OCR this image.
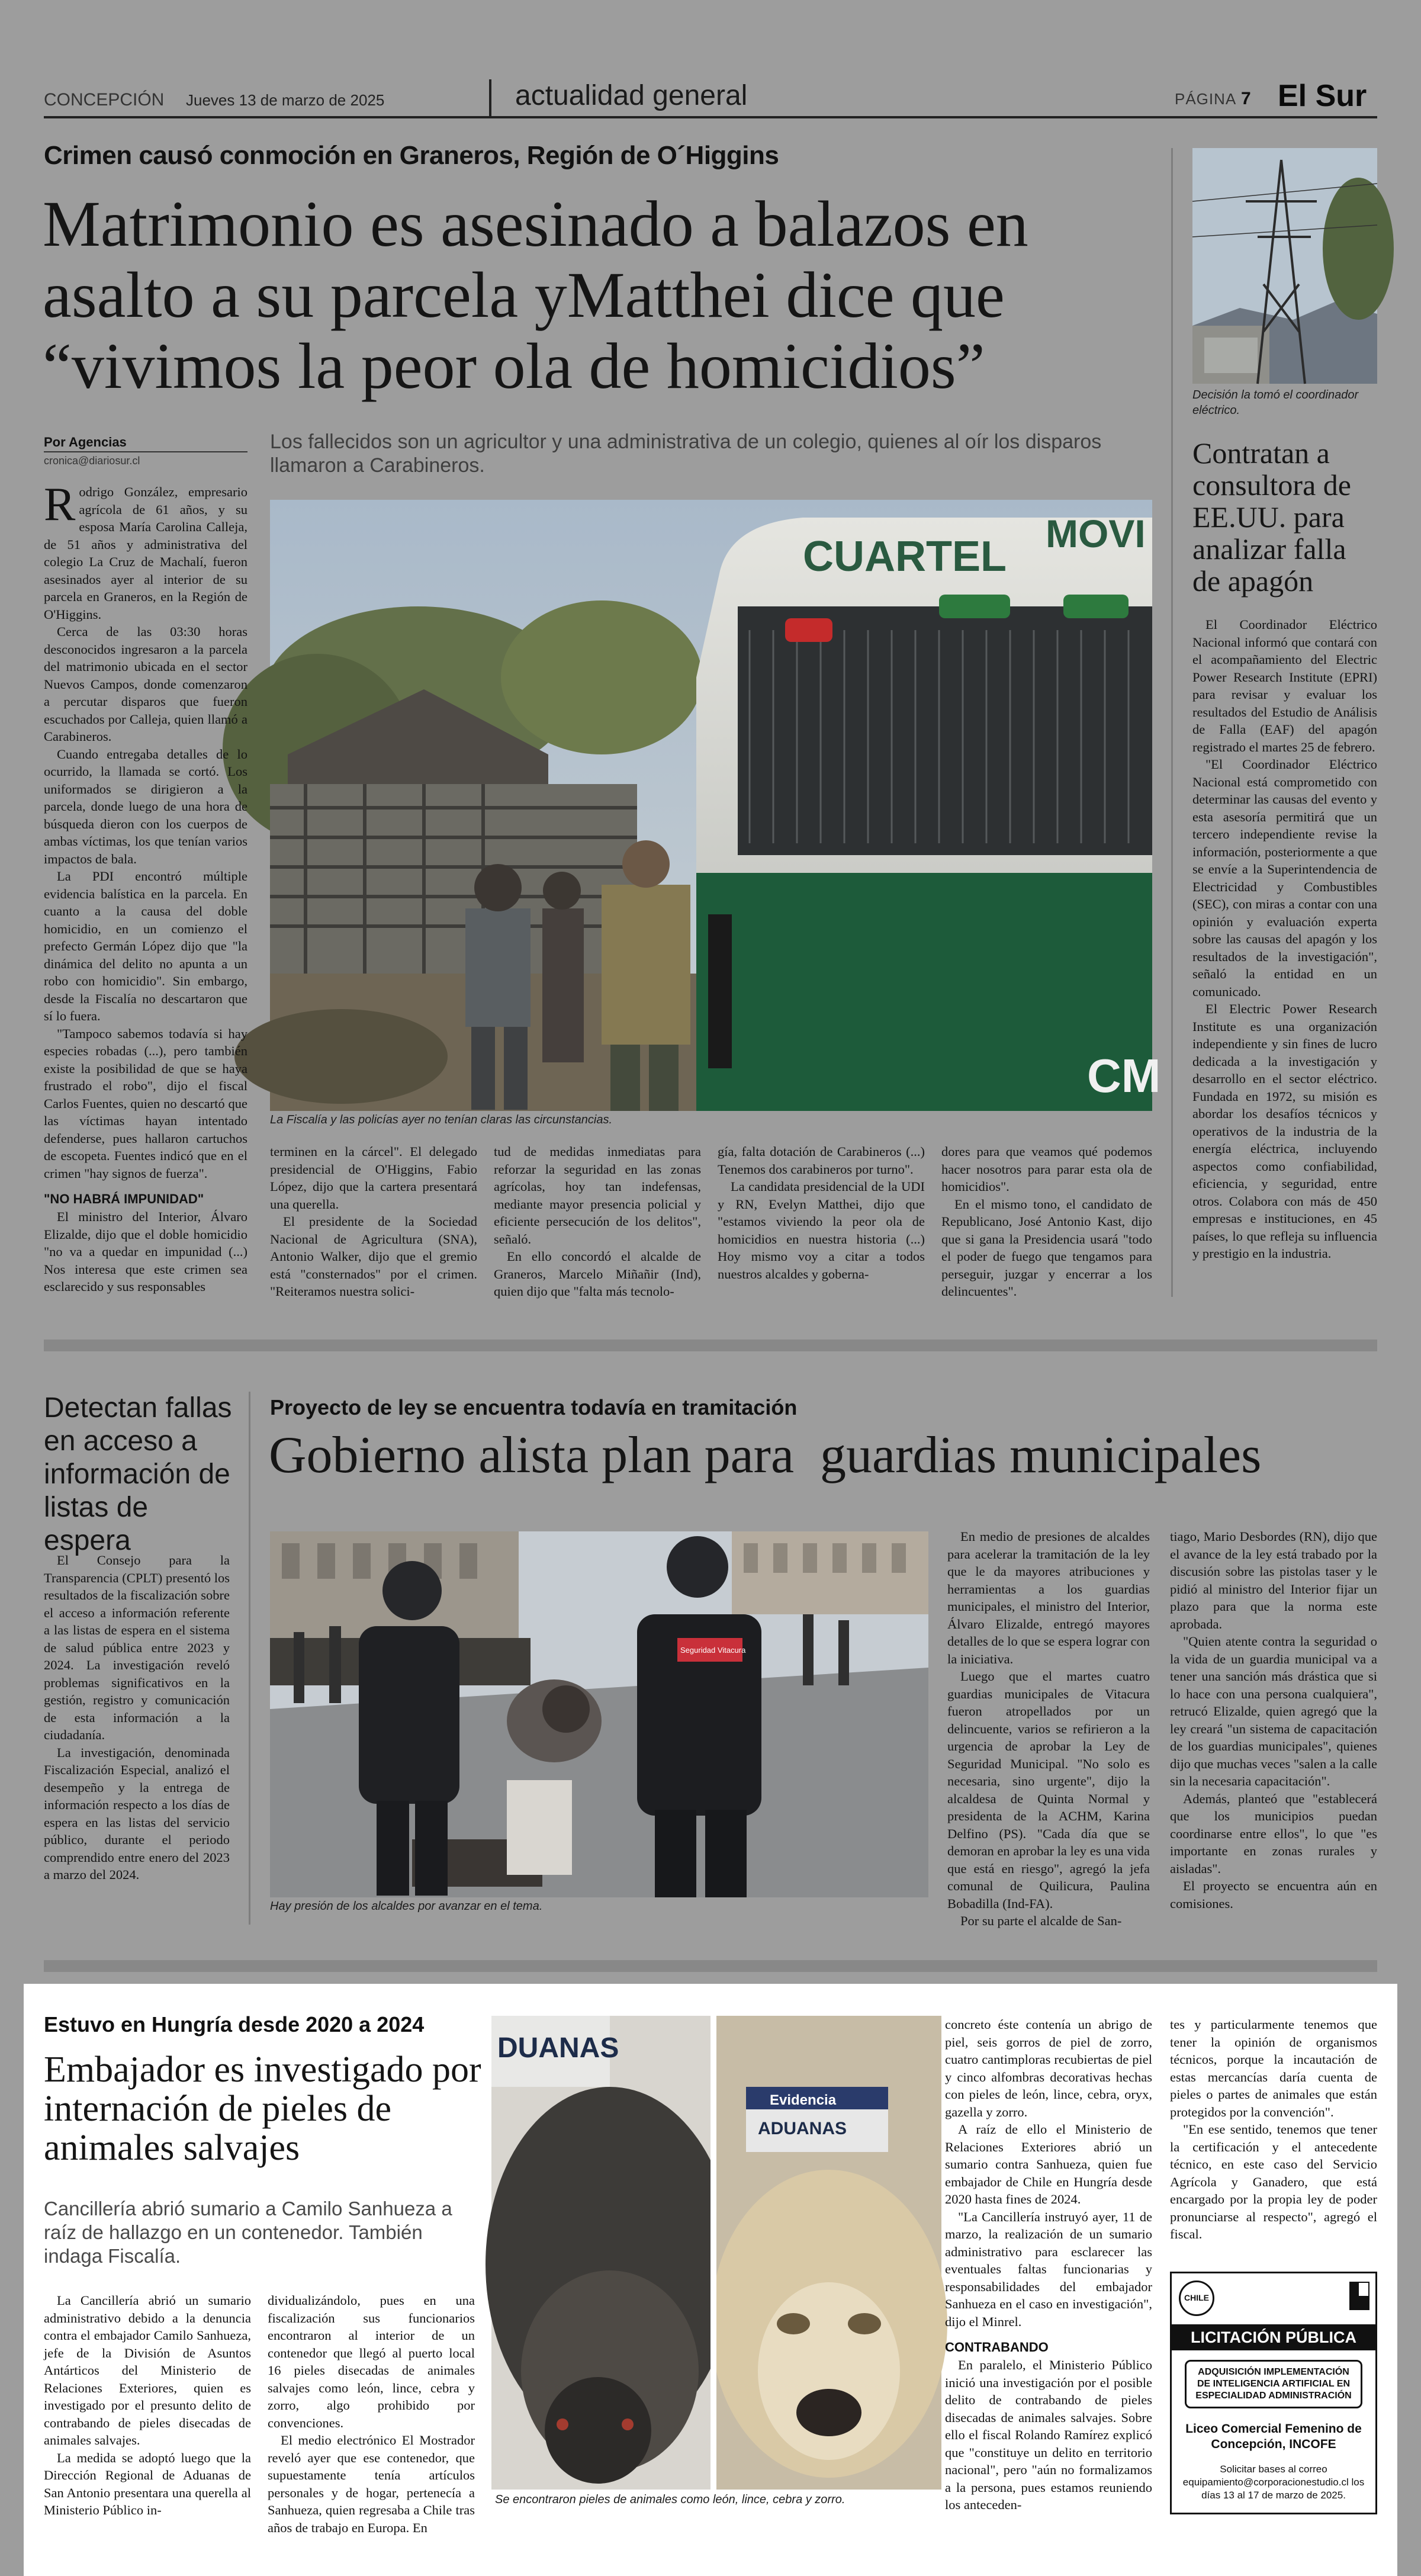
CONCEPCIÓN Jueves 13 de marzo de 2025	actualidad general	PÁGINA 7 El Sur
Crimen causó conmoción en Graneros, Región de O´Higgins
Matrimonio es asesinado a balazos en
asalto a su parcela yMatthei dice que
“vivimos la peor ola de homicidios”
Por Agencias
cronica@diariosur.cl
Los fallecidos son un agricultor y una administrativa de un colegio, quienes al oír los disparos llamaron a Carabineros.
CUARTEL MOVI
CM
La Fiscalía y las policías ayer no tenían claras las circunstancias.
R odrigo González, empresario agrícola de 61 años, y su esposa María Carolina Calleja, de 51 años y administrativa del colegio La Cruz de Machalí, fueron asesinados ayer al interior de su parcela en Graneros, en la Región de O'Higgins.

Cerca de las 03:30 horas desconocidos ingresaron a la parcela del matrimonio ubicada en el sector Nuevos Campos, donde comenzaron a percutar disparos que fueron escuchados por Calleja, quien llamó a Carabineros.

Cuando entregaba detalles de lo ocurrido, la llamada se cortó. Los uniformados se dirigieron a la parcela, donde luego de una hora de búsqueda dieron con los cuerpos de ambas víctimas, los que tenían varios impactos de bala.

La PDI encontró múltiple evidencia balística en la parcela. En cuanto a la causa del doble homicidio, en un comienzo el prefecto Germán López dijo que "la dinámica del delito no apunta a un robo con homicidio". Sin embargo, desde la Fiscalía no descartaron que sí lo fuera.

"Tampoco sabemos todavía si hay especies robadas (...), pero también existe la posibilidad de que se haya frustrado el robo", dijo el fiscal Carlos Fuentes, quien no descartó que las víctimas hayan intentado defenderse, pues hallaron cartuchos de escopeta. Fuentes indicó que en el crimen "hay signos de fuerza".

"NO HABRÁ IMPUNIDAD"

El ministro del Interior, Álvaro Elizalde, dijo que el doble homicidio "no va a quedar en impunidad (...) Nos interesa que este crimen sea esclarecido y sus responsables

terminen en la cárcel". El delegado presidencial de O'Higgins, Fabio López, dijo que la cartera presentará una querella.

El presidente de la Sociedad Nacional de Agricultura (SNA), Antonio Walker, dijo que el gremio está "consternados" por el crimen. "Reiteramos nuestra solici-

tud de medidas inmediatas para reforzar la seguridad en las zonas agrícolas, hoy tan indefensas, mediante mayor presencia policial y eficiente persecución de los delitos", señaló.

En ello concordó el alcalde de Graneros, Marcelo Miñañir (Ind), quien dijo que "falta más tecnolo-

gía, falta dotación de Carabineros (...) Tenemos dos carabineros por turno".

La candidata presidencial de la UDI y RN, Evelyn Matthei, dijo que "estamos viviendo la peor ola de homicidios en nuestra historia (...) Hoy mismo voy a citar a todos nuestros alcaldes y goberna-

dores para que veamos qué podemos hacer nosotros para parar esta ola de homicidios".

En el mismo tono, el candidato de Republicano, José Antonio Kast, dijo que si gana la Presidencia usará "todo el poder de fuego que tengamos para perseguir, juzgar y encerrar a los delincuentes".

Decisión la tomó el coordinador eléctrico.
Contratan a consultora de EE.UU. para analizar falla de apagón

El Coordinador Eléctrico Nacional informó que contará con el acompañamiento del Electric Power Research Institute (EPRI) para revisar y evaluar los resultados del Estudio de Análisis de Falla (EAF) del apagón registrado el martes 25 de febrero.

"El Coordinador Eléctrico Nacional está comprometido con determinar las causas del evento y esta asesoría permitirá que un tercero independiente revise la información, posteriormente a que se envíe a la Superintendencia de Electricidad y Combustibles (SEC), con miras a contar con una opinión y evaluación experta sobre las causas del apagón y los resultados de la investigación", señaló la entidad en un comunicado.

El Electric Power Research Institute es una organización independiente y sin fines de lucro dedicada a la investigación y desarrollo en el sector eléctrico. Fundada en 1972, su misión es abordar los desafíos técnicos y operativos de la industria de la energía eléctrica, incluyendo aspectos como confiabilidad, eficiencia, y seguridad, entre otros. Colabora con más de 450 empresas e instituciones, en 45 países, lo que refleja su influencia y prestigio en la industria.

Detectan fallas en acceso a información de listas de espera

El Consejo para la Transparencia (CPLT) presentó los resultados de la fiscalización sobre el acceso a información referente a las listas de espera en el sistema de salud pública entre 2023 y 2024. La investigación reveló problemas significativos en la gestión, registro y comunicación de esta información a la ciudadanía.

La investigación, denominada Fiscalización Especial, analizó el desempeño y la entrega de información respecto a los días de espera en las listas del servicio público, durante el periodo comprendido entre enero del 2023 a marzo del 2024.

Proyecto de ley se encuentra todavía en tramitación
Gobierno alista plan para  guardias municipales
Seguridad Vitacura
Hay presión de los alcaldes por avanzar en el tema.

En medio de presiones de alcaldes para acelerar la tramitación de la ley que le da mayores atribuciones y herramientas a los guardias municipales, el ministro del Interior, Álvaro Elizalde, entregó mayores detalles de lo que se espera lograr con la iniciativa.

Luego que el martes cuatro guardias municipales de Vitacura fueron atropellados por un delincuente, varios se refirieron a la urgencia de aprobar la Ley de Seguridad Municipal. "No solo es necesaria, sino urgente", dijo la alcaldesa de Quinta Normal y presidenta de la ACHM, Karina Delfino (PS). "Cada día que se demoran en aprobar la ley es una vida que está en riesgo", agregó la jefa comunal de Quilicura, Paulina Bobadilla (Ind-FA).

Por su parte el alcalde de San-

tiago, Mario Desbordes (RN), dijo que el avance de la ley está trabado por la discusión sobre las pistolas taser y le pidió al ministro del Interior fijar un plazo para que la norma este aprobada.

"Quien atente contra la seguridad o la vida de un guardia municipal va a tener una sanción más drástica que si lo hace con una persona cualquiera", retrucó Elizalde, quien agregó que la ley creará "un sistema de capacitación de los guardias municipales", quienes dijo que muchas veces "salen a la calle sin la necesaria capacitación".

Además, planteó que "establecerá que los municipios puedan coordinarse entre ellos", lo que "es importante en zonas rurales y aisladas".

El proyecto se encuentra aún en comisiones.

Estuvo en Hungría desde 2020 a 2024
Embajador es investigado por internación de pieles de animales salvajes
Cancillería abrió sumario a Camilo Sanhueza a raíz de hallazgo en un contenedor. También indaga Fiscalía.

La Cancillería abrió un sumario administrativo debido a la denuncia contra el embajador Camilo Sanhueza, jefe de la División de Asuntos Antárticos del Ministerio de Relaciones Exteriores, quien es investigado por el presunto delito de contrabando de pieles disecadas de animales salvajes.

La medida se adoptó luego que la Dirección Regional de Aduanas de San Antonio presentara una querella al Ministerio Público in-

dividualizándolo, pues en una fiscalización sus funcionarios encontraron al interior de un contenedor que llegó al puerto local 16 pieles disecadas de animales salvajes como león, lince, cebra y zorro, algo prohibido por convenciones.

El medio electrónico El Mostrador reveló ayer que ese contenedor, que supuestamente tenía artículos personales y de hogar, pertenecía a Sanhueza, quien regresaba a Chile tras años de trabajo en Europa. En

DUANAS
Evidencia
ADUANAS
Se encontraron pieles de animales como león, lince, cebra y zorro.

concreto éste contenía un abrigo de piel, seis gorros de piel de zorro, cuatro cantimploras recubiertas de piel y cinco alfombras decorativas hechas con pieles de león, lince, cebra, oryx, gazella y zorro.

A raíz de ello el Ministerio de Relaciones Exteriores abrió un sumario contra Sanhueza, quien fue embajador de Chile en Hungría desde 2020 hasta fines de 2024.

"La Cancillería instruyó ayer, 11 de marzo, la realización de un sumario administrativo para esclarecer las eventuales faltas funcionarias y responsabilidades del embajador Sanhueza en el caso en investigación", dijo el Minrel.

CONTRABANDO

En paralelo, el Ministerio Público inició una investigación por el posible delito de contrabando de pieles disecadas de animales salvajes. Sobre ello el fiscal Rolando Ramírez explicó que "constituye un delito en territorio nacional", pero "aún no formalizamos a la persona, pues estamos reuniendo los anteceden-

tes y particularmente tenemos que tener la opinión de organismos técnicos, porque la incautación de estas mercancías daría cuenta de pieles o partes de animales que están protegidos por la convención".

"En ese sentido, tenemos que tener la certificación y el antecedente técnico, en este caso del Servicio Agrícola y Ganadero, que está encargado por la propia ley de poder pronunciarse al respecto", agregó el fiscal.

CHILE
LICITACIÓN PÚBLICA
ADQUISICIÓN IMPLEMENTACIÓN DE INTELIGENCIA ARTIFICIAL EN ESPECIALIDAD ADMINISTRACIÓN
Liceo Comercial Femenino de Concepción, INCOFE
Solicitar bases al correo equipamiento@corporacionestudio.cl los días 13 al 17 de marzo de 2025.
